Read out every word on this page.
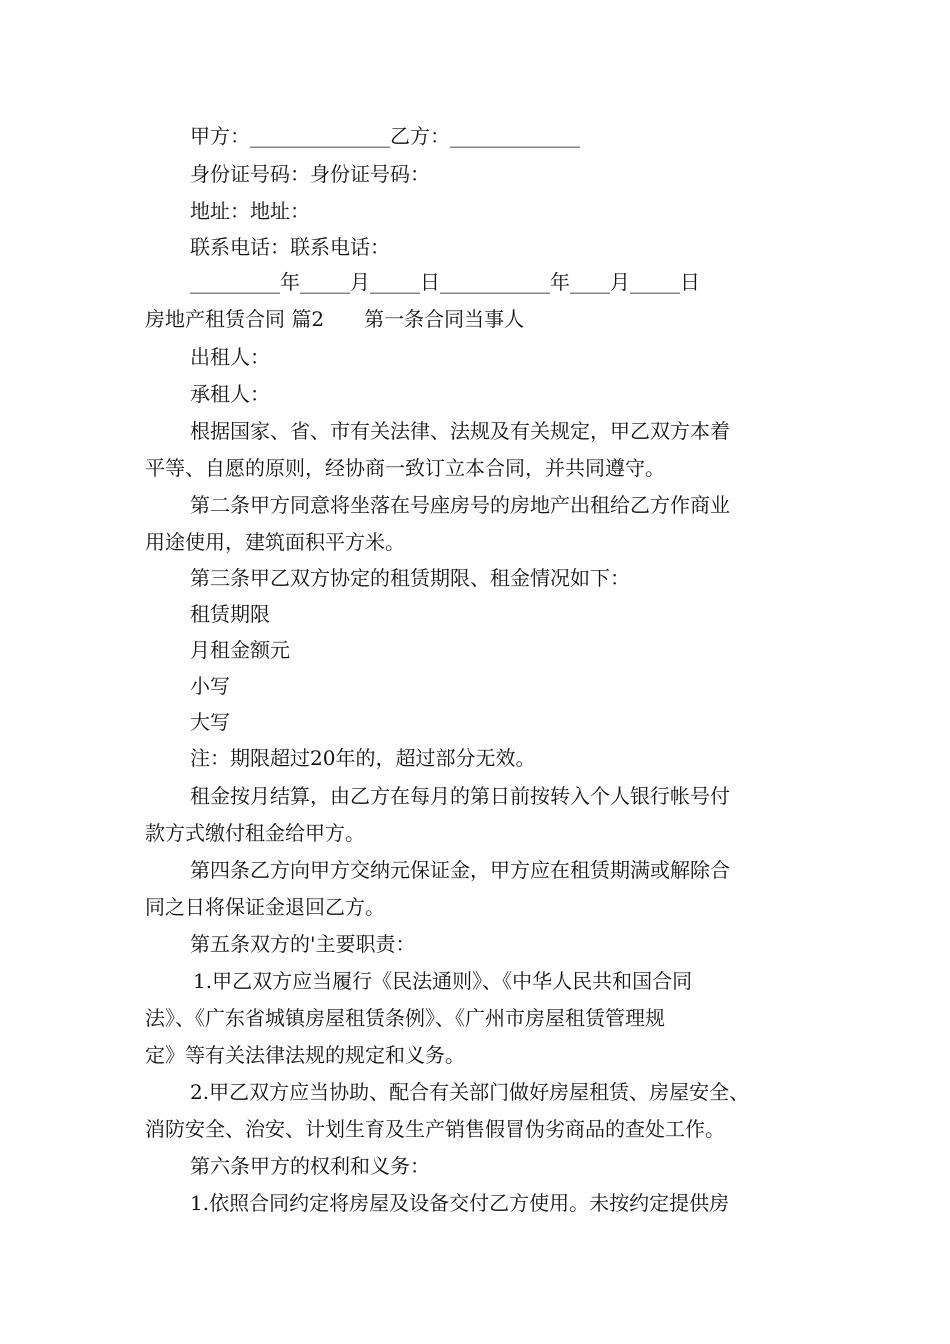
甲方：______________乙方：_____________
身份证号码：身份证号码：
地址：地址：
联系电话：联系电话：
_________年_____月_____日___________年____月_____日
房地产租赁合同 篇2　　第一条合同当事人
出租人：
承租人：
根据国家、省、市有关法律、法规及有关规定，甲乙双方本着
平等、自愿的原则，经协商一致订立本合同，并共同遵守。
第二条甲方同意将坐落在号座房号的房地产出租给乙方作商业
用途使用，建筑面积平方米。
第三条甲乙双方协定的租赁期限、租金情况如下：
租赁期限
月租金额元
小写
大写
注：期限超过20年的，超过部分无效。
租金按月结算，由乙方在每月的第日前按转入个人银行帐号付
款方式缴付租金给甲方。
第四条乙方向甲方交纳元保证金，甲方应在租赁期满或解除合
同之日将保证金退回乙方。
第五条双方的'主要职责：
1.甲乙双方应当履行《民法通则》、《中华人民共和国合同
法》、《广东省城镇房屋租赁条例》、《广州市房屋租赁管理规
定》等有关法律法规的规定和义务。
2.甲乙双方应当协助、配合有关部门做好房屋租赁、房屋安全、
消防安全、治安、计划生育及生产销售假冒伪劣商品的查处工作。
第六条甲方的权利和义务：
1.依照合同约定将房屋及设备交付乙方使用。未按约定提供房
